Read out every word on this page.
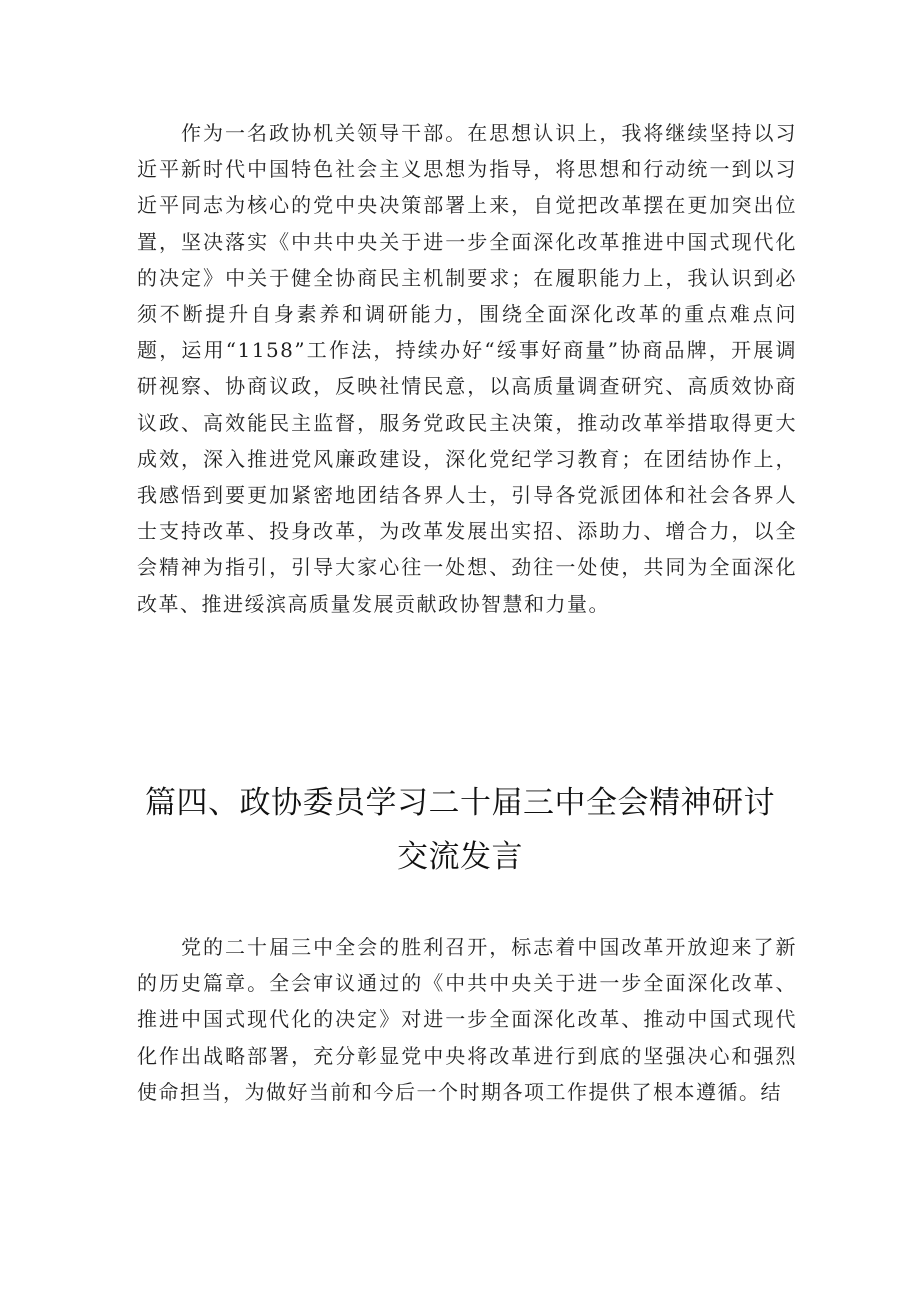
作为一名政协机关领导干部。在思想认识上，我将继续坚持以习近平新时代中国特色社会主义思想为指导，将思想和行动统一到以习近平同志为核心的党中央决策部署上来，自觉把改革摆在更加突出位置，坚决落实《中共中央关于进一步全面深化改革推进中国式现代化的决定》中关于健全协商民主机制要求；在履职能力上，我认识到必须不断提升自身素养和调研能力，围绕全面深化改革的重点难点问题，运用“1158”工作法，持续办好“绥事好商量”协商品牌，开展调研视察、协商议政，反映社情民意，以高质量调查研究、高质效协商议政、高效能民主监督，服务党政民主决策，推动改革举措取得更大成效，深入推进党风廉政建设，深化党纪学习教育；在团结协作上，我感悟到要更加紧密地团结各界人士，引导各党派团体和社会各界人士支持改革、投身改革，为改革发展出实招、添助力、增合力，以全会精神为指引，引导大家心往一处想、劲往一处使，共同为全面深化改革、推进绥滨高质量发展贡献政协智慧和力量。

篇四、政协委员学习二十届三中全会精神研讨交流发言

党的二十届三中全会的胜利召开，标志着中国改革开放迎来了新的历史篇章。全会审议通过的《中共中央关于进一步全面深化改革、推进中国式现代化的决定》对进一步全面深化改革、推动中国式现代化作出战略部署，充分彰显党中央将改革进行到底的坚强决心和强烈使命担当，为做好当前和今后一个时期各项工作提供了根本遵循。结
